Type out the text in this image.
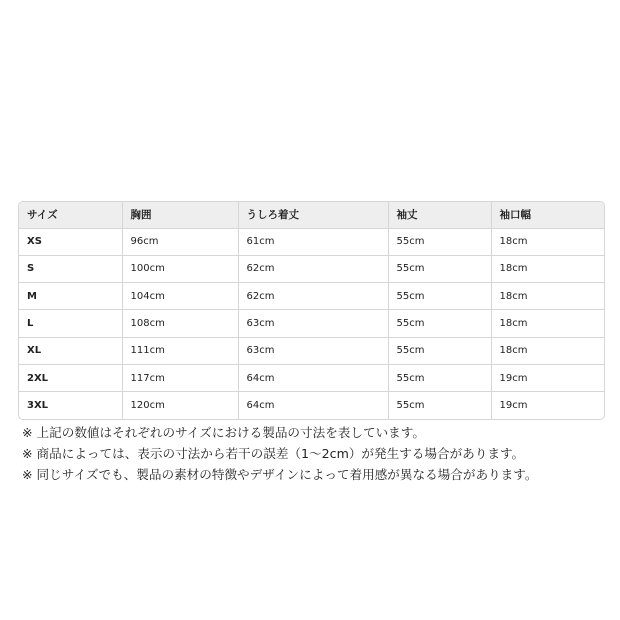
サイズ	胸囲	うしろ着丈	袖丈	袖口幅
XS	96cm	61cm	55cm	18cm
S	100cm	62cm	55cm	18cm
M	104cm	62cm	55cm	18cm
L	108cm	63cm	55cm	18cm
XL	111cm	63cm	55cm	18cm
2XL	117cm	64cm	55cm	19cm
3XL	120cm	64cm	55cm	19cm
※ 上記の数値はそれぞれのサイズにおける製品の寸法を表しています。
※ 商品によっては、表示の寸法から若干の誤差（1～2cm）が発生する場合があります。
※ 同じサイズでも、製品の素材の特徴やデザインによって着用感が異なる場合があります。
